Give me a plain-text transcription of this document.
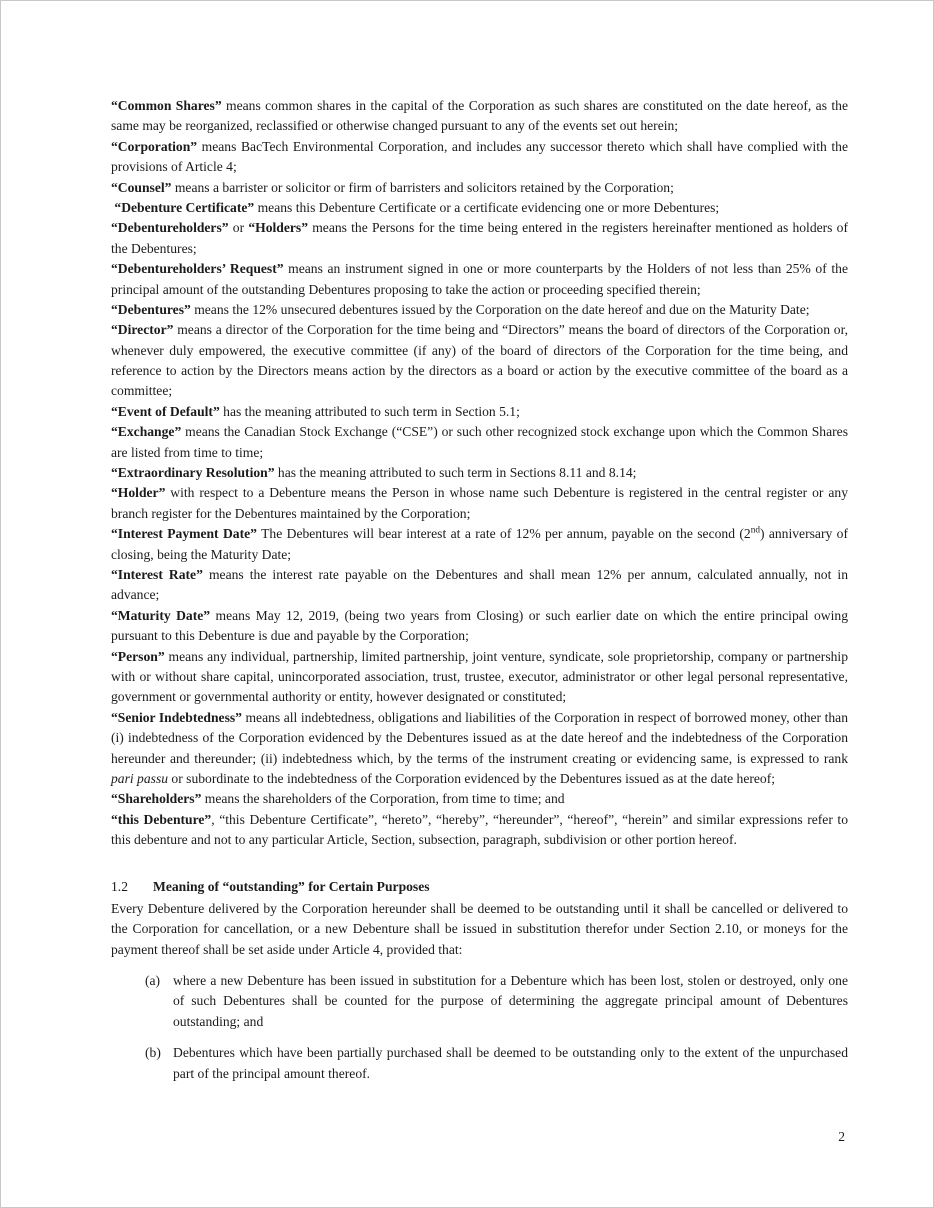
“Common Shares” means common shares in the capital of the Corporation as such shares are constituted on the date hereof, as the same may be reorganized, reclassified or otherwise changed pursuant to any of the events set out herein;

“Corporation” means BacTech Environmental Corporation, and includes any successor thereto which shall have complied with the provisions of Article 4;

“Counsel” means a barrister or solicitor or firm of barristers and solicitors retained by the Corporation;

“Debenture Certificate” means this Debenture Certificate or a certificate evidencing one or more Debentures;

“Debentureholders” or “Holders” means the Persons for the time being entered in the registers hereinafter mentioned as holders of the Debentures;

“Debentureholders’ Request” means an instrument signed in one or more counterparts by the Holders of not less than 25% of the principal amount of the outstanding Debentures proposing to take the action or proceeding specified therein;

“Debentures” means the 12% unsecured debentures issued by the Corporation on the date hereof and due on the Maturity Date;

“Director” means a director of the Corporation for the time being and “Directors” means the board of directors of the Corporation or, whenever duly empowered, the executive committee (if any) of the board of directors of the Corporation for the time being, and reference to action by the Directors means action by the directors as a board or action by the executive committee of the board as a committee;

“Event of Default” has the meaning attributed to such term in Section 5.1;

“Exchange” means the Canadian Stock Exchange (“CSE”) or such other recognized stock exchange upon which the Common Shares are listed from time to time;

“Extraordinary Resolution” has the meaning attributed to such term in Sections 8.11 and 8.14;

“Holder” with respect to a Debenture means the Person in whose name such Debenture is registered in the central register or any branch register for the Debentures maintained by the Corporation;

“Interest Payment Date” The Debentures will bear interest at a rate of 12% per annum, payable on the second (2nd) anniversary of closing, being the Maturity Date;

“Interest Rate” means the interest rate payable on the Debentures and shall mean 12% per annum, calculated annually, not in advance;

“Maturity Date” means May 12, 2019, (being two years from Closing) or such earlier date on which the entire principal owing pursuant to this Debenture is due and payable by the Corporation;

“Person” means any individual, partnership, limited partnership, joint venture, syndicate, sole proprietorship, company or partnership with or without share capital, unincorporated association, trust, trustee, executor, administrator or other legal personal representative, government or governmental authority or entity, however designated or constituted;

“Senior Indebtedness” means all indebtedness, obligations and liabilities of the Corporation in respect of borrowed money, other than (i) indebtedness of the Corporation evidenced by the Debentures issued as at the date hereof and the indebtedness of the Corporation hereunder and thereunder; (ii) indebtedness which, by the terms of the instrument creating or evidencing same, is expressed to rank pari passu or subordinate to the indebtedness of the Corporation evidenced by the Debentures issued as at the date hereof;

“Shareholders” means the shareholders of the Corporation, from time to time; and

“this Debenture”, “this Debenture Certificate”, “hereto”, “hereby”, “hereunder”, “hereof”, “herein” and similar expressions refer to this debenture and not to any particular Article, Section, subsection, paragraph, subdivision or other portion hereof.

1.2	Meaning of “outstanding” for Certain Purposes

Every Debenture delivered by the Corporation hereunder shall be deemed to be outstanding until it shall be cancelled or delivered to the Corporation for cancellation, or a new Debenture shall be issued in substitution therefor under Section 2.10, or moneys for the payment thereof shall be set aside under Article 4, provided that:

(a) where a new Debenture has been issued in substitution for a Debenture which has been lost, stolen or destroyed, only one of such Debentures shall be counted for the purpose of determining the aggregate principal amount of Debentures outstanding; and
(b) Debentures which have been partially purchased shall be deemed to be outstanding only to the extent of the unpurchased part of the principal amount thereof.
2
